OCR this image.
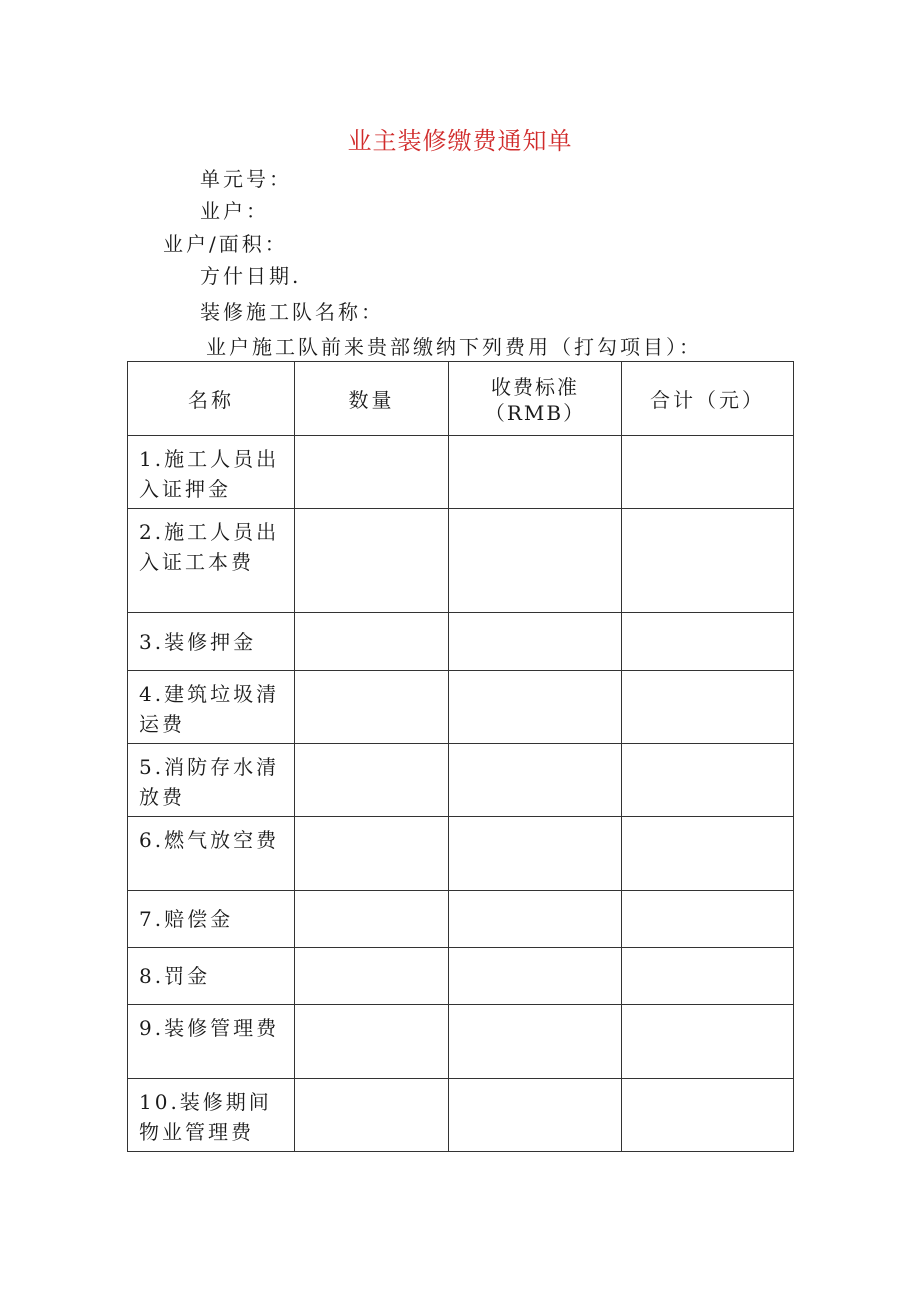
业主装修缴费通知单
单元号：
业户：
业户/面积：
方什日期.
装修施工队名称：
业户施工队前来贵部缴纳下列费用（打勾项目）：
名称	数量	收费标准（RMB）	合计（元）
1.施工人员出入证押金			
2.施工人员出入证工本费			
3.装修押金			
4.建筑垃圾清运费			
5.消防存水清放费			
6.燃气放空费			
7.赔偿金			
8.罚金			
9.装修管理费			
10.装修期间物业管理费			
